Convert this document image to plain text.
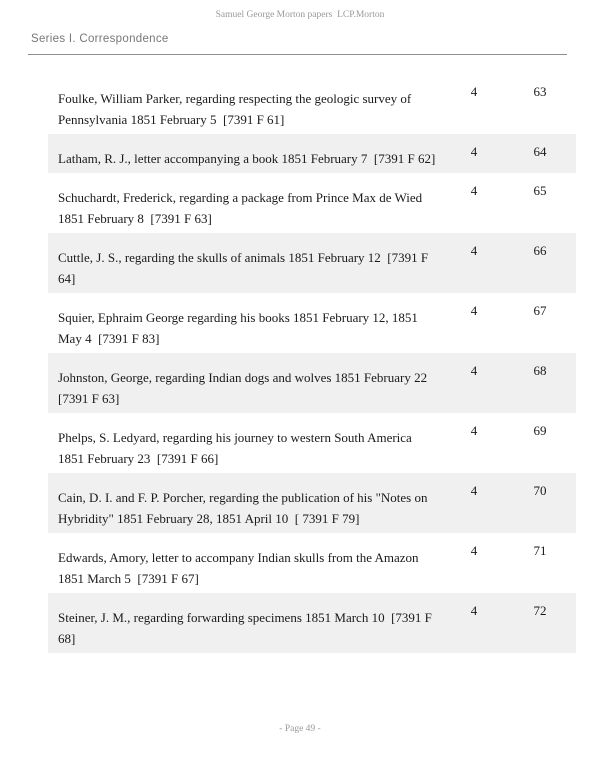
Samuel George Morton papers  LCP.Morton
Series I. Correspondence
Foulke, William Parker, regarding respecting the geologic survey of Pennsylvania 1851 February 5  [7391 F 61]	4	63
Latham, R. J., letter accompanying a book 1851 February 7  [7391 F 62]	4	64
Schuchardt, Frederick, regarding a package from Prince Max de Wied 1851 February 8  [7391 F 63]	4	65
Cuttle, J. S., regarding the skulls of animals 1851 February 12  [7391 F 64]	4	66
Squier, Ephraim George regarding his books 1851 February 12, 1851 May 4  [7391 F 83]	4	67
Johnston, George, regarding Indian dogs and wolves 1851 February 22  [7391 F 63]	4	68
Phelps, S. Ledyard, regarding his journey to western South America 1851 February 23  [7391 F 66]	4	69
Cain, D. I. and F. P. Porcher, regarding the publication of his "Notes on Hybridity" 1851 February 28, 1851 April 10  [ 7391 F 79]	4	70
Edwards, Amory, letter to accompany Indian skulls from the Amazon 1851 March 5  [7391 F 67]	4	71
Steiner, J. M., regarding forwarding specimens 1851 March 10  [7391 F 68]	4	72
- Page 49 -
